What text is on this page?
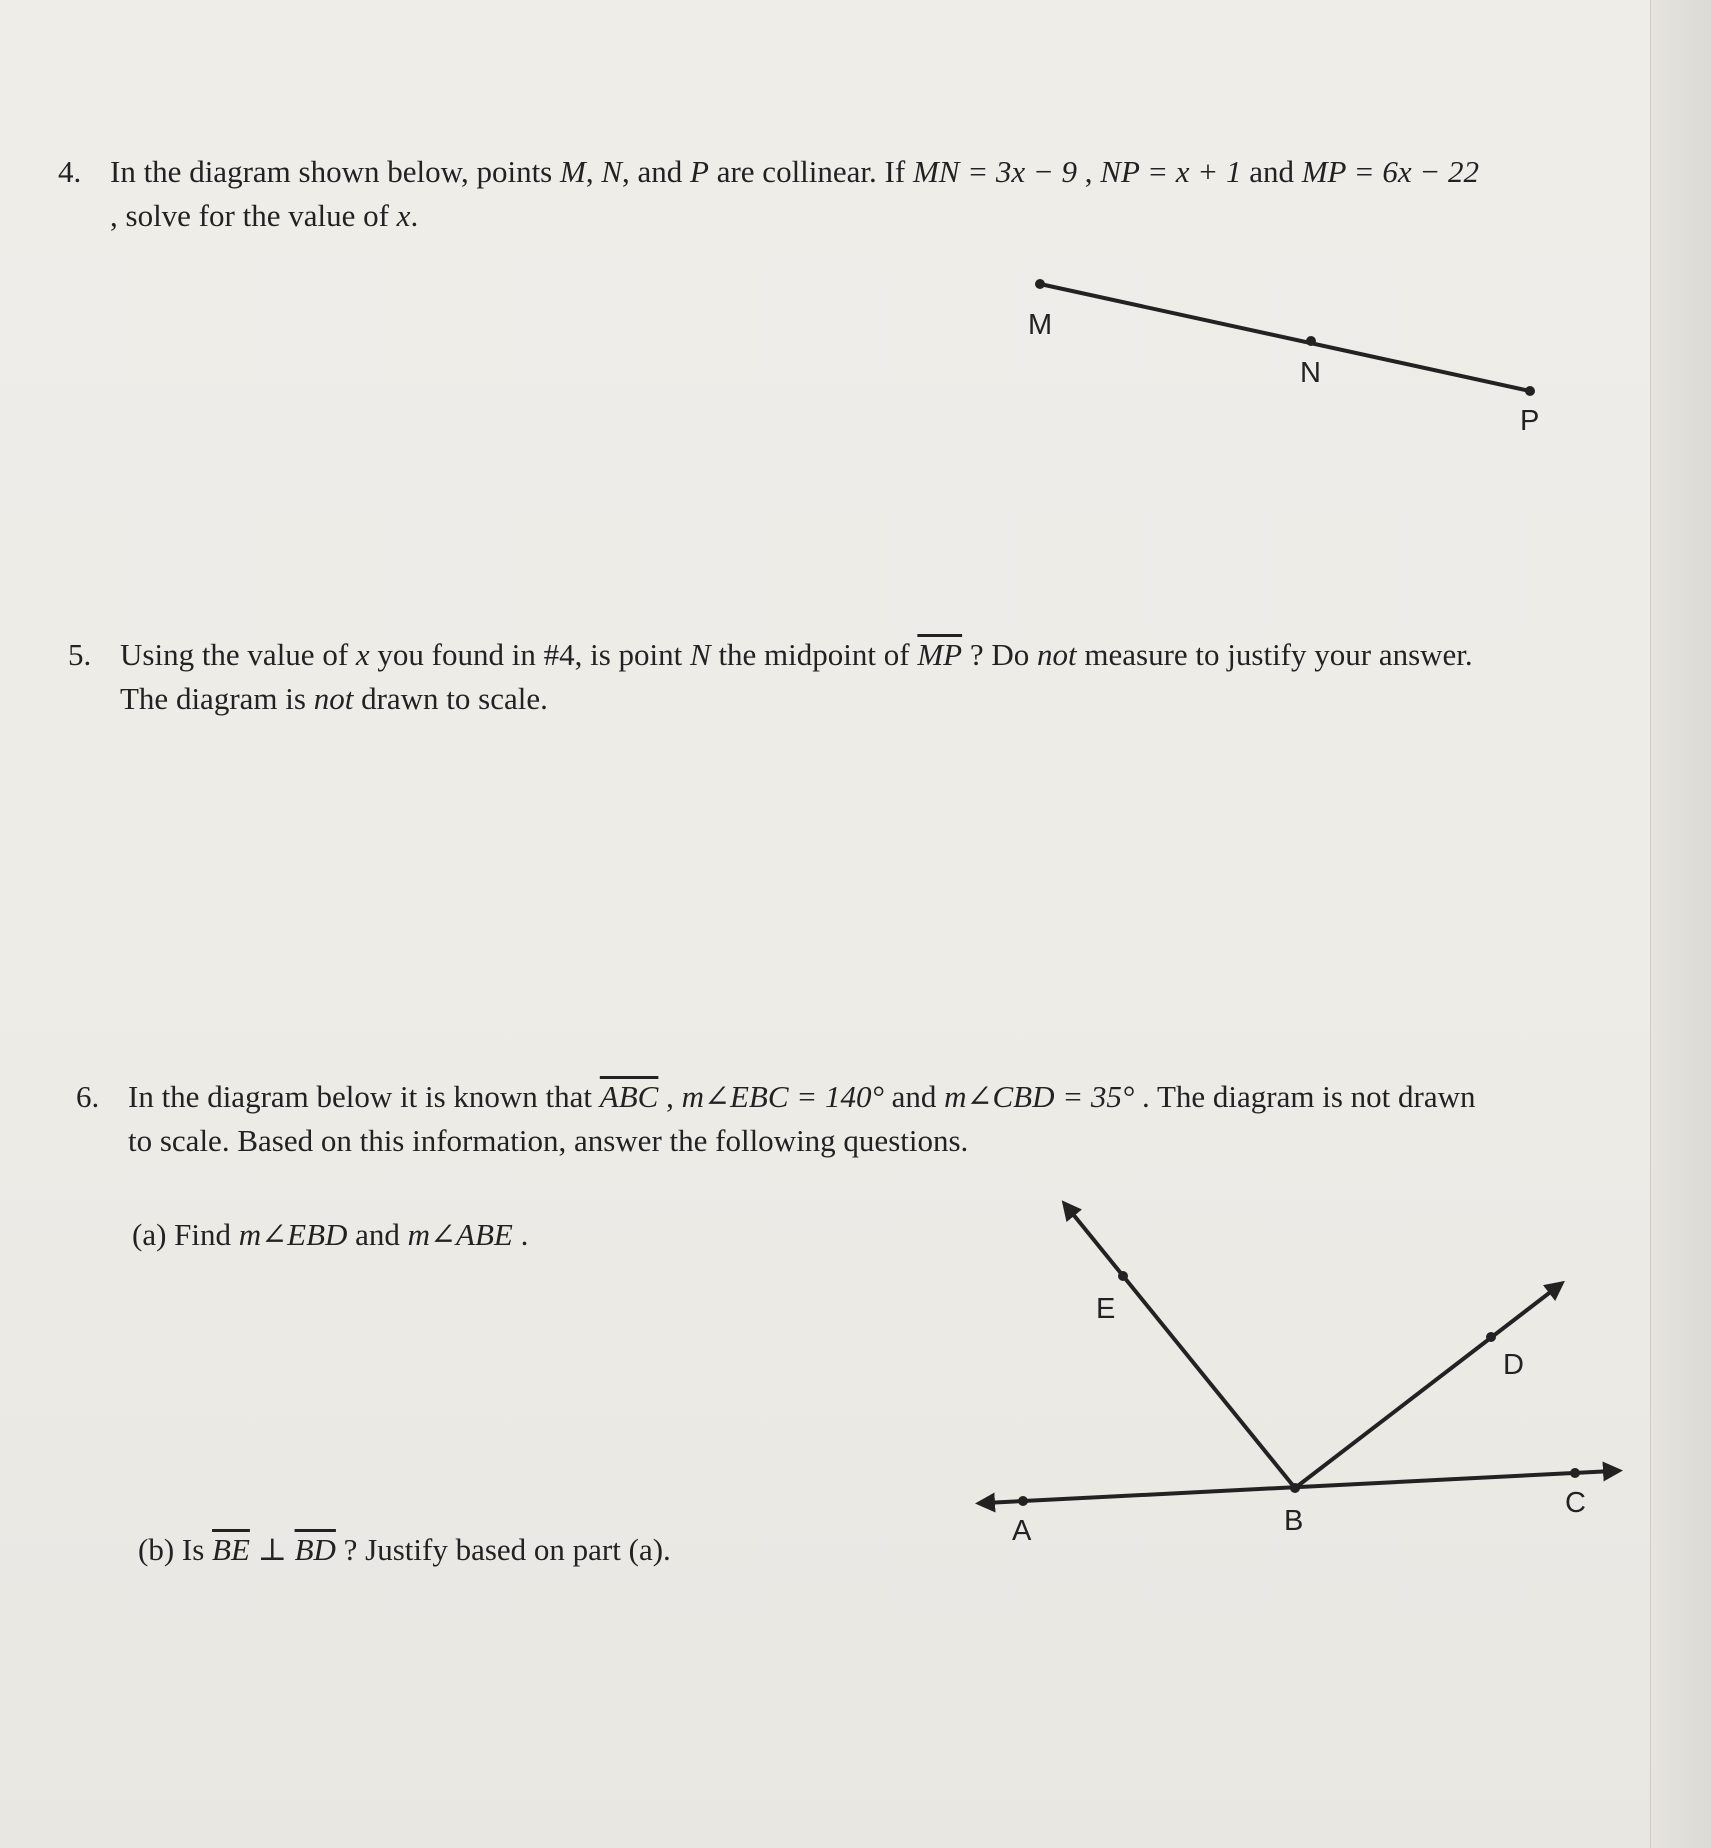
4. In the diagram shown below, points M, N, and P are collinear. If MN = 3x − 9 , NP = x + 1 and MP = 6x − 22
, solve for the value of x.
5. Using the value of x you found in #4, is point N the midpoint of $\overline{MP}$ ? Do not measure to justify your answer.
The diagram is not drawn to scale.
6. In the diagram below it is known that $\overline{ABC}$ , m∠EBC = 140° and m∠CBD = 35° . The diagram is not drawn
to scale. Based on this information, answer the following questions.
(a) Find m∠EBD and m∠ABE .
(b) Is $\overline{BE}$ ⊥ $\overline{BD}$ ? Justify based on part (a).
M
N
P
A	B
C
D
E
